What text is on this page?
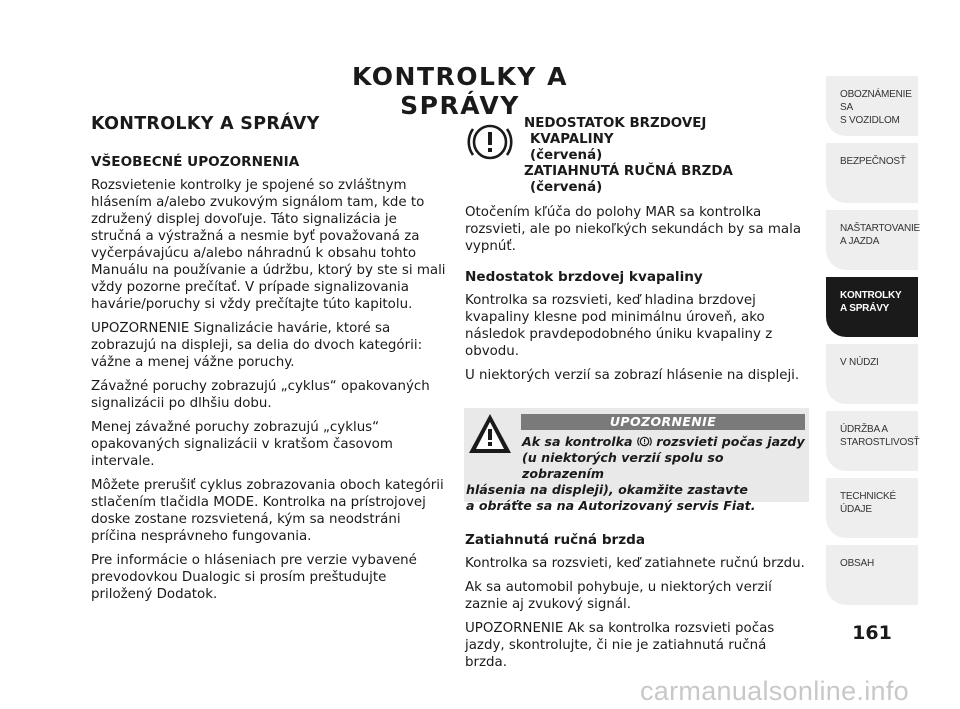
KONTROLKY A SPRÁVY
KONTROLKY A SPRÁVY
VŠEOBECNÉ UPOZORNENIA

Rozsvietenie kontrolky je spojené so zvláštnym hlásením a/alebo zvukovým signálom tam, kde to združený displej dovoľuje. Táto signalizácia je stručná a výstražná a nesmie byť považovaná za vyčerpávajúcu a/alebo náhradnú k obsahu tohto Manuálu na používanie a údržbu, ktorý by ste si mali vždy pozorne prečítať. V prípade signalizovania havárie/poruchy si vždy prečítajte túto kapitolu.

UPOZORNENIE Signalizácie havárie, ktoré sa zobrazujú na displeji, sa delia do dvoch kategórii: vážne a menej vážne poruchy.

Závažné poruchy zobrazujú „cyklus“ opakovaných signalizácii po dlhšiu dobu.

Menej závažné poruchy zobrazujú „cyklus“ opakovaných signalizácii v kratšom časovom intervale.

Môžete prerušiť cyklus zobrazovania oboch kategórii stlačením tlačidla MODE. Kontrolka na prístrojovej doske zostane rozsvietená, kým sa neodstráni príčina nesprávneho fungovania.

Pre informácie o hláseniach pre verzie vybavené prevodovkou Dualogic si prosím preštudujte priložený Dodatok.

NEDOSTATOK BRZDOVEJ
KVAPALINY
(červená)
ZATIAHNUTÁ RUČNÁ BRZDA
(červená)

Otočením kľúča do polohy MAR sa kontrolka rozsvieti, ale po niekoľkých sekundách by sa mala vypnúť.

Nedostatok brzdovej kvapaliny

Kontrolka sa rozsvieti, keď hladina brzdovej kvapaliny klesne pod minimálnu úroveň, ako následok pravdepodobného úniku kvapaliny z obvodu.

U niektorých verzií sa zobrazí hlásenie na displeji.

UPOZORNENIE
Ak sa kontrolka rozsvieti počas jazdy
(u niektorých verzií spolu so zobrazením
hlásenia na displeji), okamžite zastavte
a obráťte sa na Autorizovaný servis Fiat.
Zatiahnutá ručná brzda

Kontrolka sa rozsvieti, keď zatiahnete ručnú brzdu.

Ak sa automobil pohybuje, u niektorých verzií zaznie aj zvukový signál.

UPOZORNENIE Ak sa kontrolka rozsvieti počas jazdy, skontrolujte, či nie je zatiahnutá ručná brzda.

OBOZNÁMENIE SA
S VOZIDLOM
BEZPEČNOSŤ
NAŠTARTOVANIE
A JAZDA
KONTROLKY
A SPRÁVY
V NÚDZI
ÚDRŽBA A
STAROSTLIVOSŤ
TECHNICKÉ
ÚDAJE
OBSAH
161
carmanualsonline.info
